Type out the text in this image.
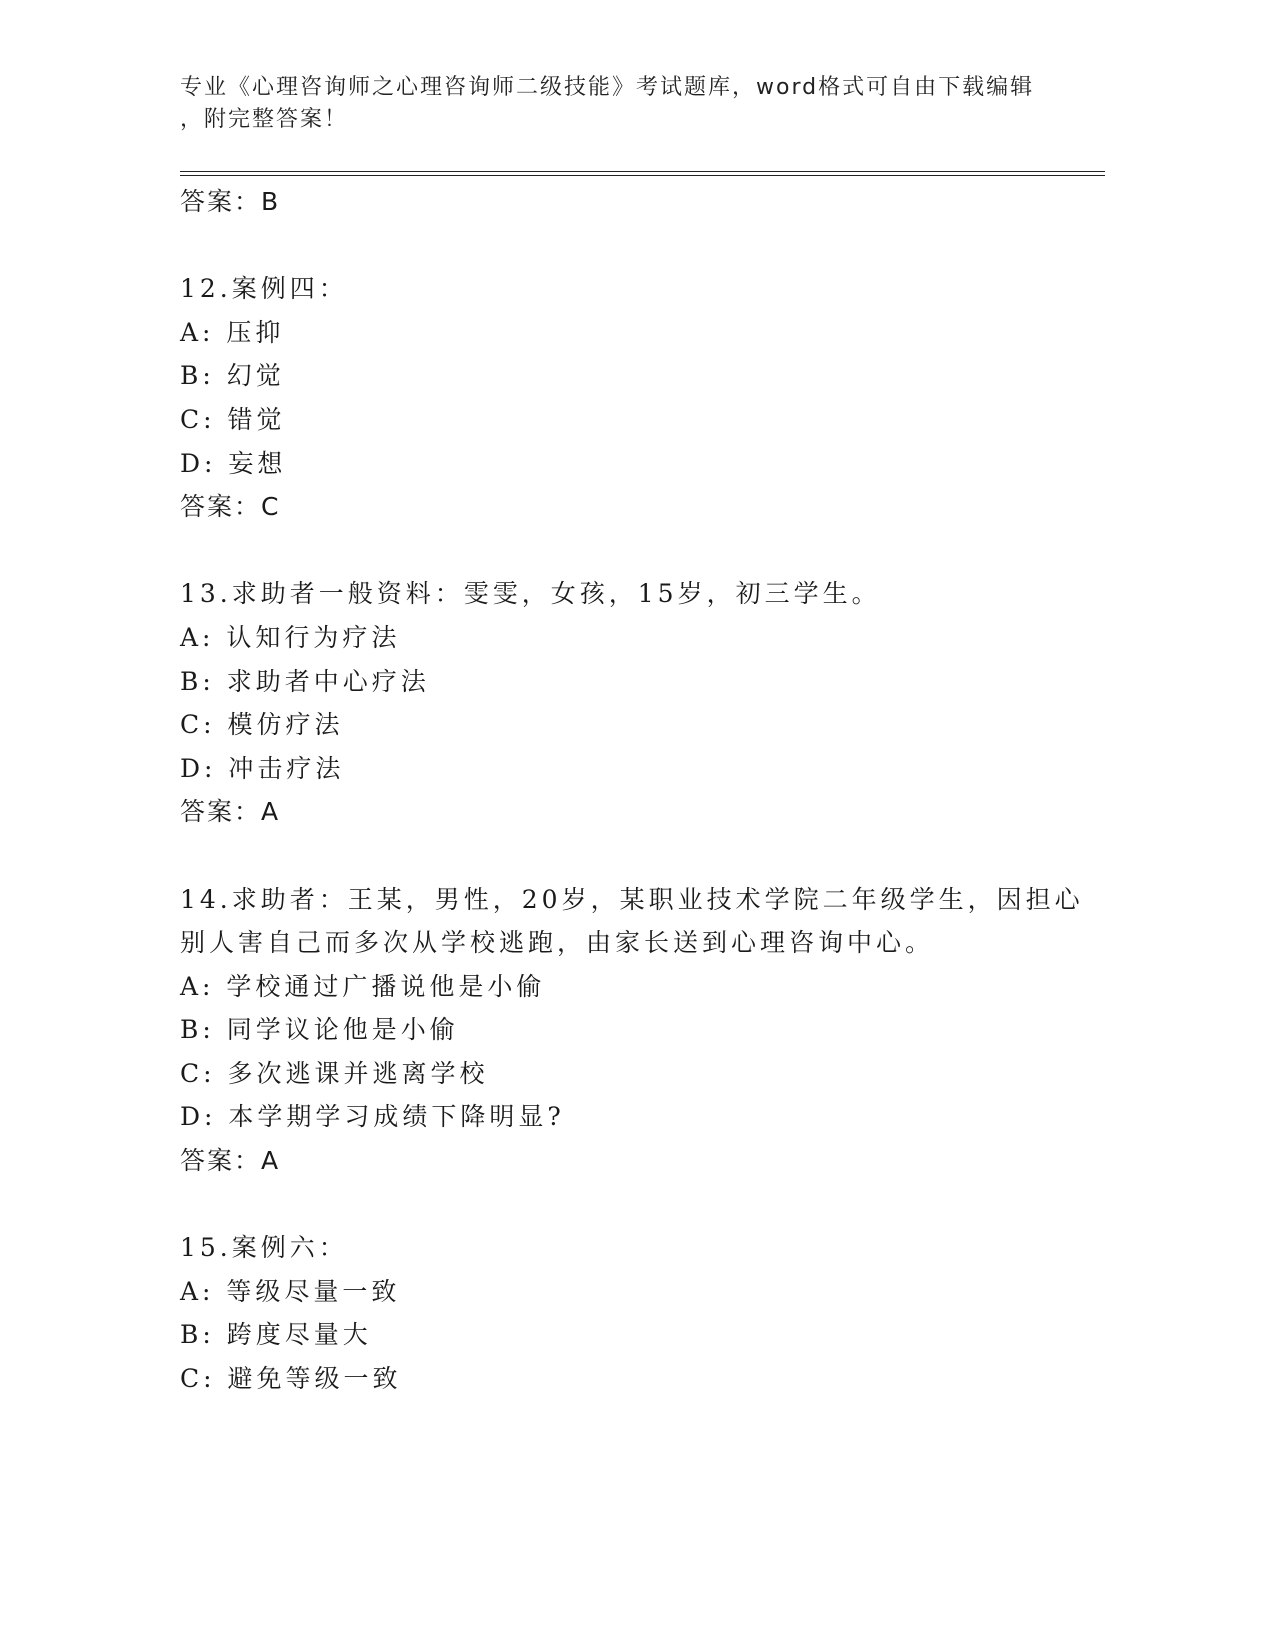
专业《心理咨询师之心理咨询师二级技能》考试题库，word格式可自由下载编辑
，附完整答案！
答案：B
12.案例四：
A: 压抑
B: 幻觉
C: 错觉
D: 妄想
答案：C
13.求助者一般资料：雯雯，女孩，15岁，初三学生。
A: 认知行为疗法
B: 求助者中心疗法
C: 模仿疗法
D: 冲击疗法
答案：A
14.求助者：王某，男性，20岁，某职业技术学院二年级学生，因担心
别人害自己而多次从学校逃跑，由家长送到心理咨询中心。
A: 学校通过广播说他是小偷
B: 同学议论他是小偷
C: 多次逃课并逃离学校
D: 本学期学习成绩下降明显?
答案：A
15.案例六：
A: 等级尽量一致
B: 跨度尽量大
C: 避免等级一致
